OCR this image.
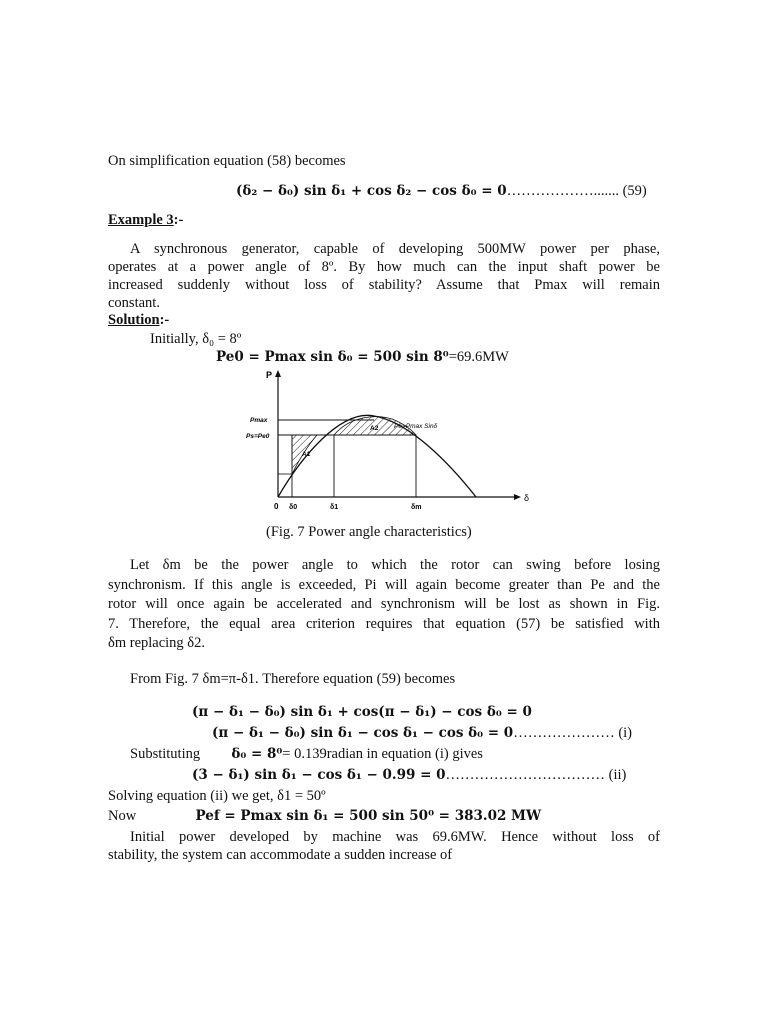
On simplification equation (58) becomes
(δ₂ − δ₀) sin δ₁ + cos δ₂ − cos δ₀ = 0………………....... (59)
Example 3:-
A synchronous generator, capable of developing 500MW power per phase,
operates at a power angle of 8º. By how much can the input shaft power be
increased suddenly without loss of stability? Assume that Pmax will remain
constant.
Solution:-
Initially, δ₀ = 8º
Pe0 = Pmax sin δ₀ = 500 sin 8⁰=69.6MW
P
δ
0
Pmax
Ps=Pe0
Pe=Pmax Sinδ
A1
A2
δ0	δ1	δm
(Fig. 7 Power angle characteristics)
Let δm be the power angle to which the rotor can swing before losing
synchronism. If this angle is exceeded, Pi will again become greater than Pe and the
rotor will once again be accelerated and synchronism will be lost as shown in Fig.
7. Therefore, the equal area criterion requires that equation (57) be satisfied with
δm replacing δ2.
From Fig. 7 δm=π-δ1. Therefore equation (59) becomes
(π − δ₁ − δ₀) sin δ₁ + cos(π − δ₁) − cos δ₀ = 0
(π − δ₁ − δ₀) sin δ₁ − cos δ₁ − cos δ₀ = 0………………… (i)
Substituting δ₀ = 8⁰= 0.139radian in equation (i) gives
(3 − δ₁) sin δ₁ − cos δ₁ − 0.99 = 0…………………………… (ii)
Solving equation (ii) we get, δ1 = 50º
Now	Pef = Pmax sin δ₁ = 500 sin 50⁰ = 383.02 MW
Initial power developed by machine was 69.6MW. Hence without loss of
stability, the system can accommodate a sudden increase of
